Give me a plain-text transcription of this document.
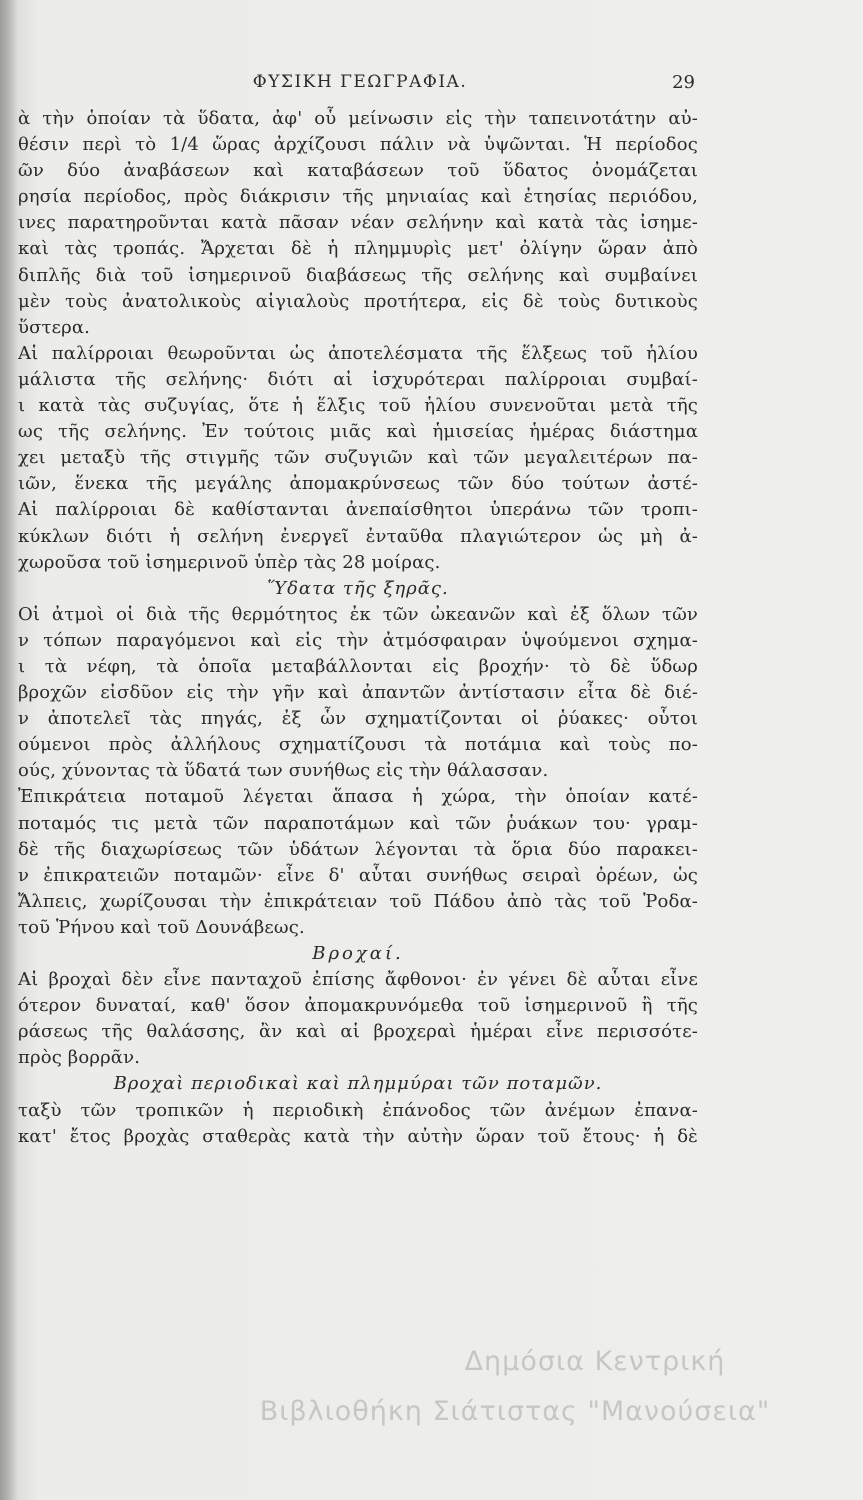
ΦΥΣΙΚΗ ΓΕΩΓΡΑΦΙΑ.	29
ὰ τὴν ὁποίαν τὰ ὕδατα, ἀφ' οὗ μείνωσιν εἰς τὴν ταπεινοτάτην αὐ-
θέσιν περὶ τὸ 1/4 ὥρας ἀρχίζουσι πάλιν νὰ ὑψῶνται. Ἡ περίοδος
ῶν δύο ἀναβάσεων καὶ καταβάσεων τοῦ ὕδατος ὀνομάζεται
ρησία περίοδος, πρὸς διάκρισιν τῆς μηνιαίας καὶ ἐτησίας περιόδου,
ινες παρατηροῦνται κατὰ πᾶσαν νέαν σελήνην καὶ κατὰ τὰς ἰσημε-
καὶ τὰς τροπάς. Ἄρχεται δὲ ἡ πλημμυρὶς μετ' ὀλίγην ὥραν ἀπὸ
διπλῆς διὰ τοῦ ἰσημερινοῦ διαβάσεως τῆς σελήνης καὶ συμβαίνει
μὲν τοὺς ἀνατολικοὺς αἰγιαλοὺς προτήτερα, εἰς δὲ τοὺς δυτικοὺς
ὕστερα.
Αἱ παλίρροιαι θεωροῦνται ὡς ἀποτελέσματα τῆς ἕλξεως τοῦ ἡλίου
μάλιστα τῆς σελήνης· διότι αἱ ἰσχυρότεραι παλίρροιαι συμβαί-
ι κατὰ τὰς συζυγίας, ὅτε ἡ ἕλξις τοῦ ἡλίου συνενοῦται μετὰ τῆς
ως τῆς σελήνης. Ἐν τούτοις μιᾶς καὶ ἡμισείας ἡμέρας διάστημα
χει μεταξὺ τῆς στιγμῆς τῶν συζυγιῶν καὶ τῶν μεγαλειτέρων πα-
ιῶν, ἕνεκα τῆς μεγάλης ἀπομακρύνσεως τῶν δύο τούτων ἀστέ-
Αἱ παλίρροιαι δὲ καθίστανται ἀνεπαίσθητοι ὑπεράνω τῶν τροπι-
κύκλων διότι ἡ σελήνη ἐνεργεῖ ἐνταῦθα πλαγιώτερον ὡς μὴ ἀ-
χωροῦσα τοῦ ἰσημερινοῦ ὑπὲρ τὰς 28 μοίρας.
Ὕδατα τῆς ξηρᾶς.
Οἱ ἀτμοὶ οἱ διὰ τῆς θερμότητος ἐκ τῶν ὠκεανῶν καὶ ἐξ ὅλων τῶν
ν τόπων παραγόμενοι καὶ εἰς τὴν ἀτμόσφαιραν ὑψούμενοι σχημα-
ι τὰ νέφη, τὰ ὁποῖα μεταβάλλονται εἰς βροχήν· τὸ δὲ ὕδωρ
βροχῶν εἰσδῦον εἰς τὴν γῆν καὶ ἀπαντῶν ἀντίστασιν εἶτα δὲ διέ-
ν ἀποτελεῖ τὰς πηγάς, ἐξ ὧν σχηματίζονται οἱ ῥύακες· οὗτοι
ούμενοι πρὸς ἀλλήλους σχηματίζουσι τὰ ποτάμια καὶ τοὺς πο-
ούς, χύνοντας τὰ ὕδατά των συνήθως εἰς τὴν θάλασσαν.
Ἐπικράτεια ποταμοῦ λέγεται ἅπασα ἡ χώρα, τὴν ὁποίαν κατέ-
ποταμός τις μετὰ τῶν παραποτάμων καὶ τῶν ῥυάκων του· γραμ-
δὲ τῆς διαχωρίσεως τῶν ὑδάτων λέγονται τὰ ὅρια δύο παρακει-
ν ἐπικρατειῶν ποταμῶν· εἶνε δ' αὗται συνήθως σειραὶ ὀρέων, ὡς
Ἄλπεις, χωρίζουσαι τὴν ἐπικράτειαν τοῦ Πάδου ἀπὸ τὰς τοῦ Ῥοδα-
τοῦ Ῥήνου καὶ τοῦ Δουνάβεως.
Βροχαί.
Αἱ βροχαὶ δὲν εἶνε πανταχοῦ ἐπίσης ἄφθονοι· ἐν γένει δὲ αὗται εἶνε
ότερον δυναταί, καθ' ὅσον ἀπομακρυνόμεθα τοῦ ἰσημερινοῦ ἢ τῆς
ράσεως τῆς θαλάσσης, ἂν καὶ αἱ βροχεραὶ ἡμέραι εἶνε περισσότε-
πρὸς βορρᾶν.
Βροχαὶ περιοδικαὶ καὶ πλημμύραι τῶν ποταμῶν.
ταξὺ τῶν τροπικῶν ἡ περιοδικὴ ἐπάνοδος τῶν ἀνέμων ἐπανα-
κατ' ἔτος βροχὰς σταθερὰς κατὰ τὴν αὐτὴν ὥραν τοῦ ἔτους· ἡ δὲ
Δημόσια Κεντρική
Βιβλιοθήκη Σιάτιστας "Μανούσεια"
